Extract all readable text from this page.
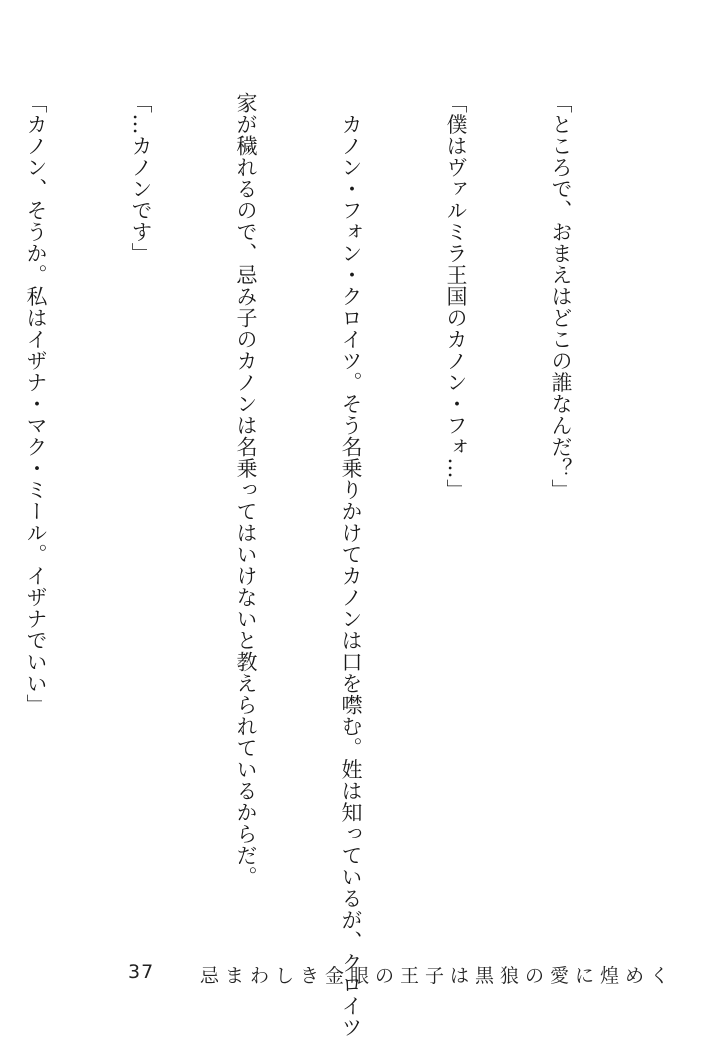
「ところで、おまえはどこの誰なんだ？」

「僕はヴァルミラ王国のカノン・フォ…」

　カノン・フォン・クロイツ。そう名乗りかけてカノンは口を噤む。姓は知っているが、クロイツ

家が穢れるので、忌み子のカノンは名乗ってはいけないと教えられているからだ。

「…カノンです」

「カノン、そうか。私はイザナ・マク・ミール。イザナでいい」

37 忌まわしき金眼の王子は黒狼の愛に煌めく
